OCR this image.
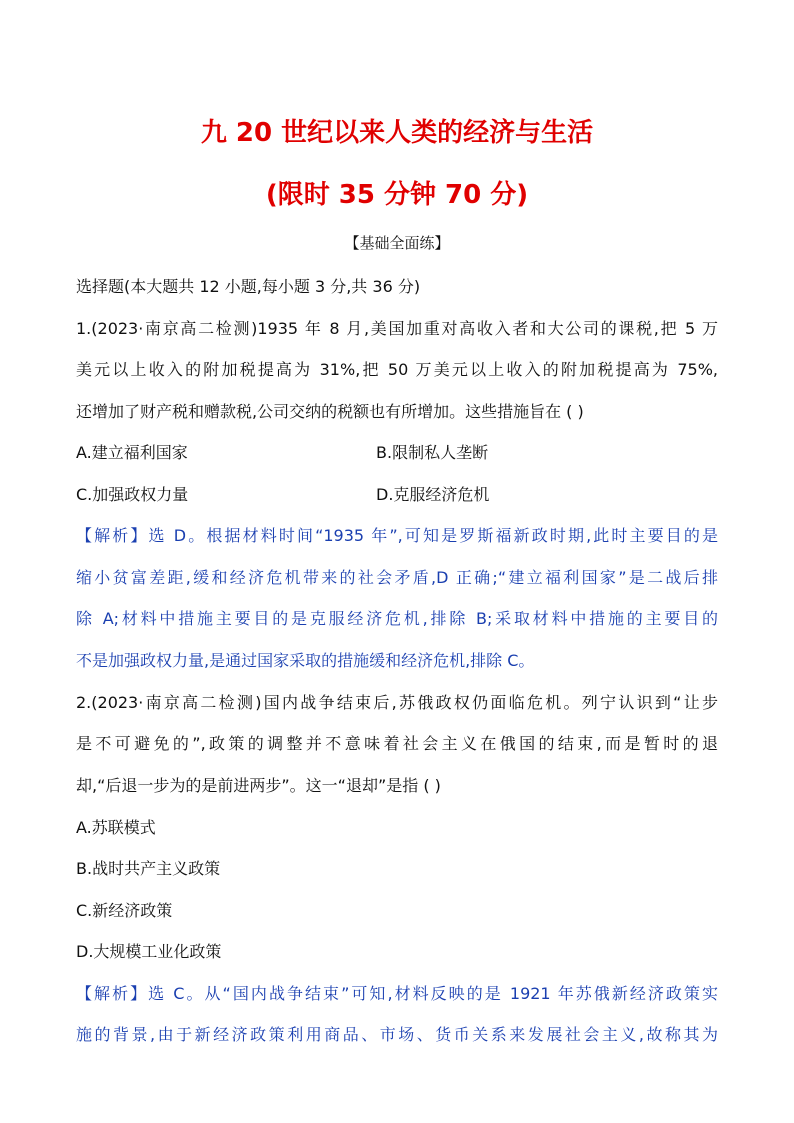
九 20 世纪以来人类的经济与生活
(限时 35 分钟 70 分)
【基础全面练】
选择题(本大题共 12 小题,每小题 3 分,共 36 分)
1.(2023·南京高二检测)1935 年 8 月,美国加重对高收入者和大公司的课税,把 5 万
美元以上收入的附加税提高为 31%,把 50 万美元以上收入的附加税提高为 75%,
还增加了财产税和赠款税,公司交纳的税额也有所增加。这些措施旨在 ( )
A.建立福利国家	B.限制私人垄断
C.加强政权力量	D.克服经济危机
【解析】选 D。根据材料时间“1935 年”,可知是罗斯福新政时期,此时主要目的是
缩小贫富差距,缓和经济危机带来的社会矛盾,D 正确;“建立福利国家”是二战后排
除 A;材料中措施主要目的是克服经济危机,排除 B;采取材料中措施的主要目的
不是加强政权力量,是通过国家采取的措施缓和经济危机,排除 C。
2.(2023·南京高二检测)国内战争结束后,苏俄政权仍面临危机。列宁认识到“让步
是不可避免的”,政策的调整并不意味着社会主义在俄国的结束,而是暂时的退
却,“后退一步为的是前进两步”。这一“退却”是指 ( )
A.苏联模式
B.战时共产主义政策
C.新经济政策
D.大规模工业化政策
【解析】选 C。从“国内战争结束”可知,材料反映的是 1921 年苏俄新经济政策实
施的背景,由于新经济政策利用商品、市场、货币关系来发展社会主义,故称其为
